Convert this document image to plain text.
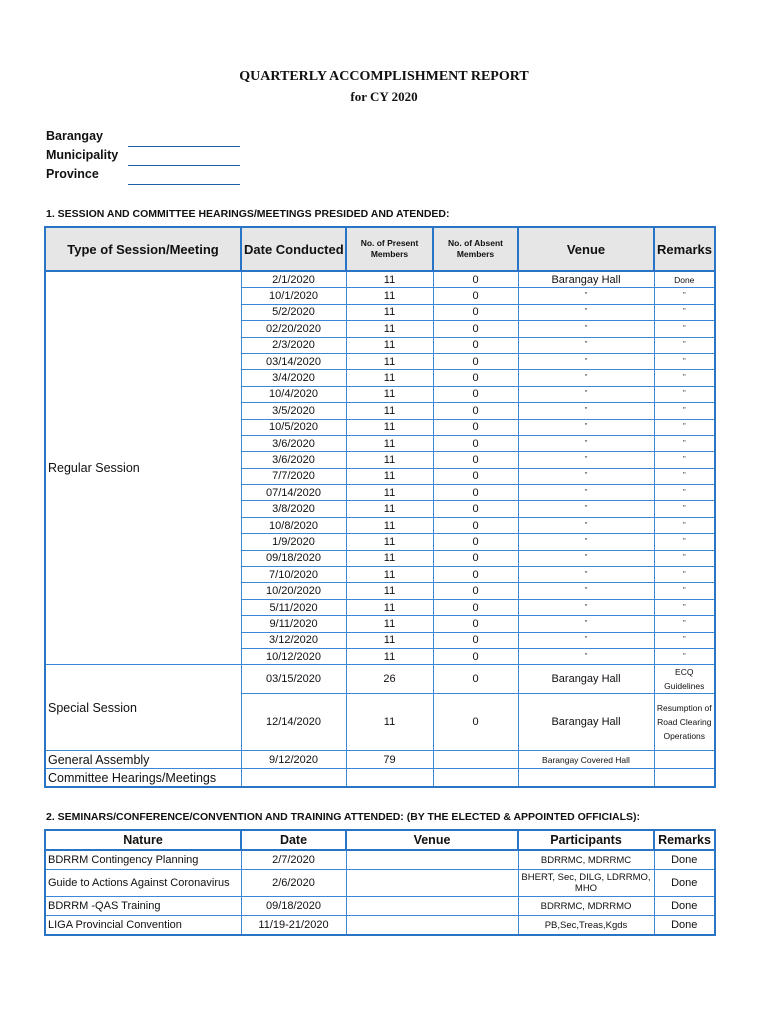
QUARTERLY ACCOMPLISHMENT REPORT
for CY 2020
Barangay
Municipality
Province
1. SESSION AND COMMITTEE HEARINGS/MEETINGS PRESIDED AND ATENDED:
Type of Session/Meeting	Date Conducted	No. of Present Members	No. of Absent Members	Venue	Remarks
Regular Session	2/1/2020	11	0	Barangay Hall	Done
	10/1/2020	11	0	"	"
	5/2/2020	11	0	"	"
	02/20/2020	11	0	"	"
	2/3/2020	11	0	"	"
	03/14/2020	11	0	"	"
	3/4/2020	11	0	"	"
	10/4/2020	11	0	"	"
	3/5/2020	11	0	"	"
	10/5/2020	11	0	"	"
	3/6/2020	11	0	"	"
	3/6/2020	11	0	"	"
	7/7/2020	11	0	"	"
	07/14/2020	11	0	"	"
	3/8/2020	11	0	"	"
	10/8/2020	11	0	"	"
	1/9/2020	11	0	"	"
	09/18/2020	11	0	"	"
	7/10/2020	11	0	"	"
	10/20/2020	11	0	"	"
	5/11/2020	11	0	"	"
	9/11/2020	11	0	"	"
	3/12/2020	11	0	"	"
	10/12/2020	11	0	"	"
Special Session	03/15/2020	26	0	Barangay Hall	ECQ Guidelines
	12/14/2020	11	0	Barangay Hall	Resumption of Road Clearing Operations
General Assembly	9/12/2020	79		Barangay Covered Hall	
Committee Hearings/Meetings					
2. SEMINARS/CONFERENCE/CONVENTION AND TRAINING ATTENDED: (BY THE ELECTED & APPOINTED OFFICIALS):
Nature	Date	Venue	Participants	Remarks
BDRRM Contingency Planning	2/7/2020		BDRRMC, MDRRMC	Done
Guide to Actions Against Coronavirus	2/6/2020		BHERT, Sec, DILG, LDRRMO, MHO	Done
BDRRM -QAS Training	09/18/2020		BDRRMC, MDRRMO	Done
LIGA Provincial Convention	11/19-21/2020		PB,Sec,Treas,Kgds	Done
